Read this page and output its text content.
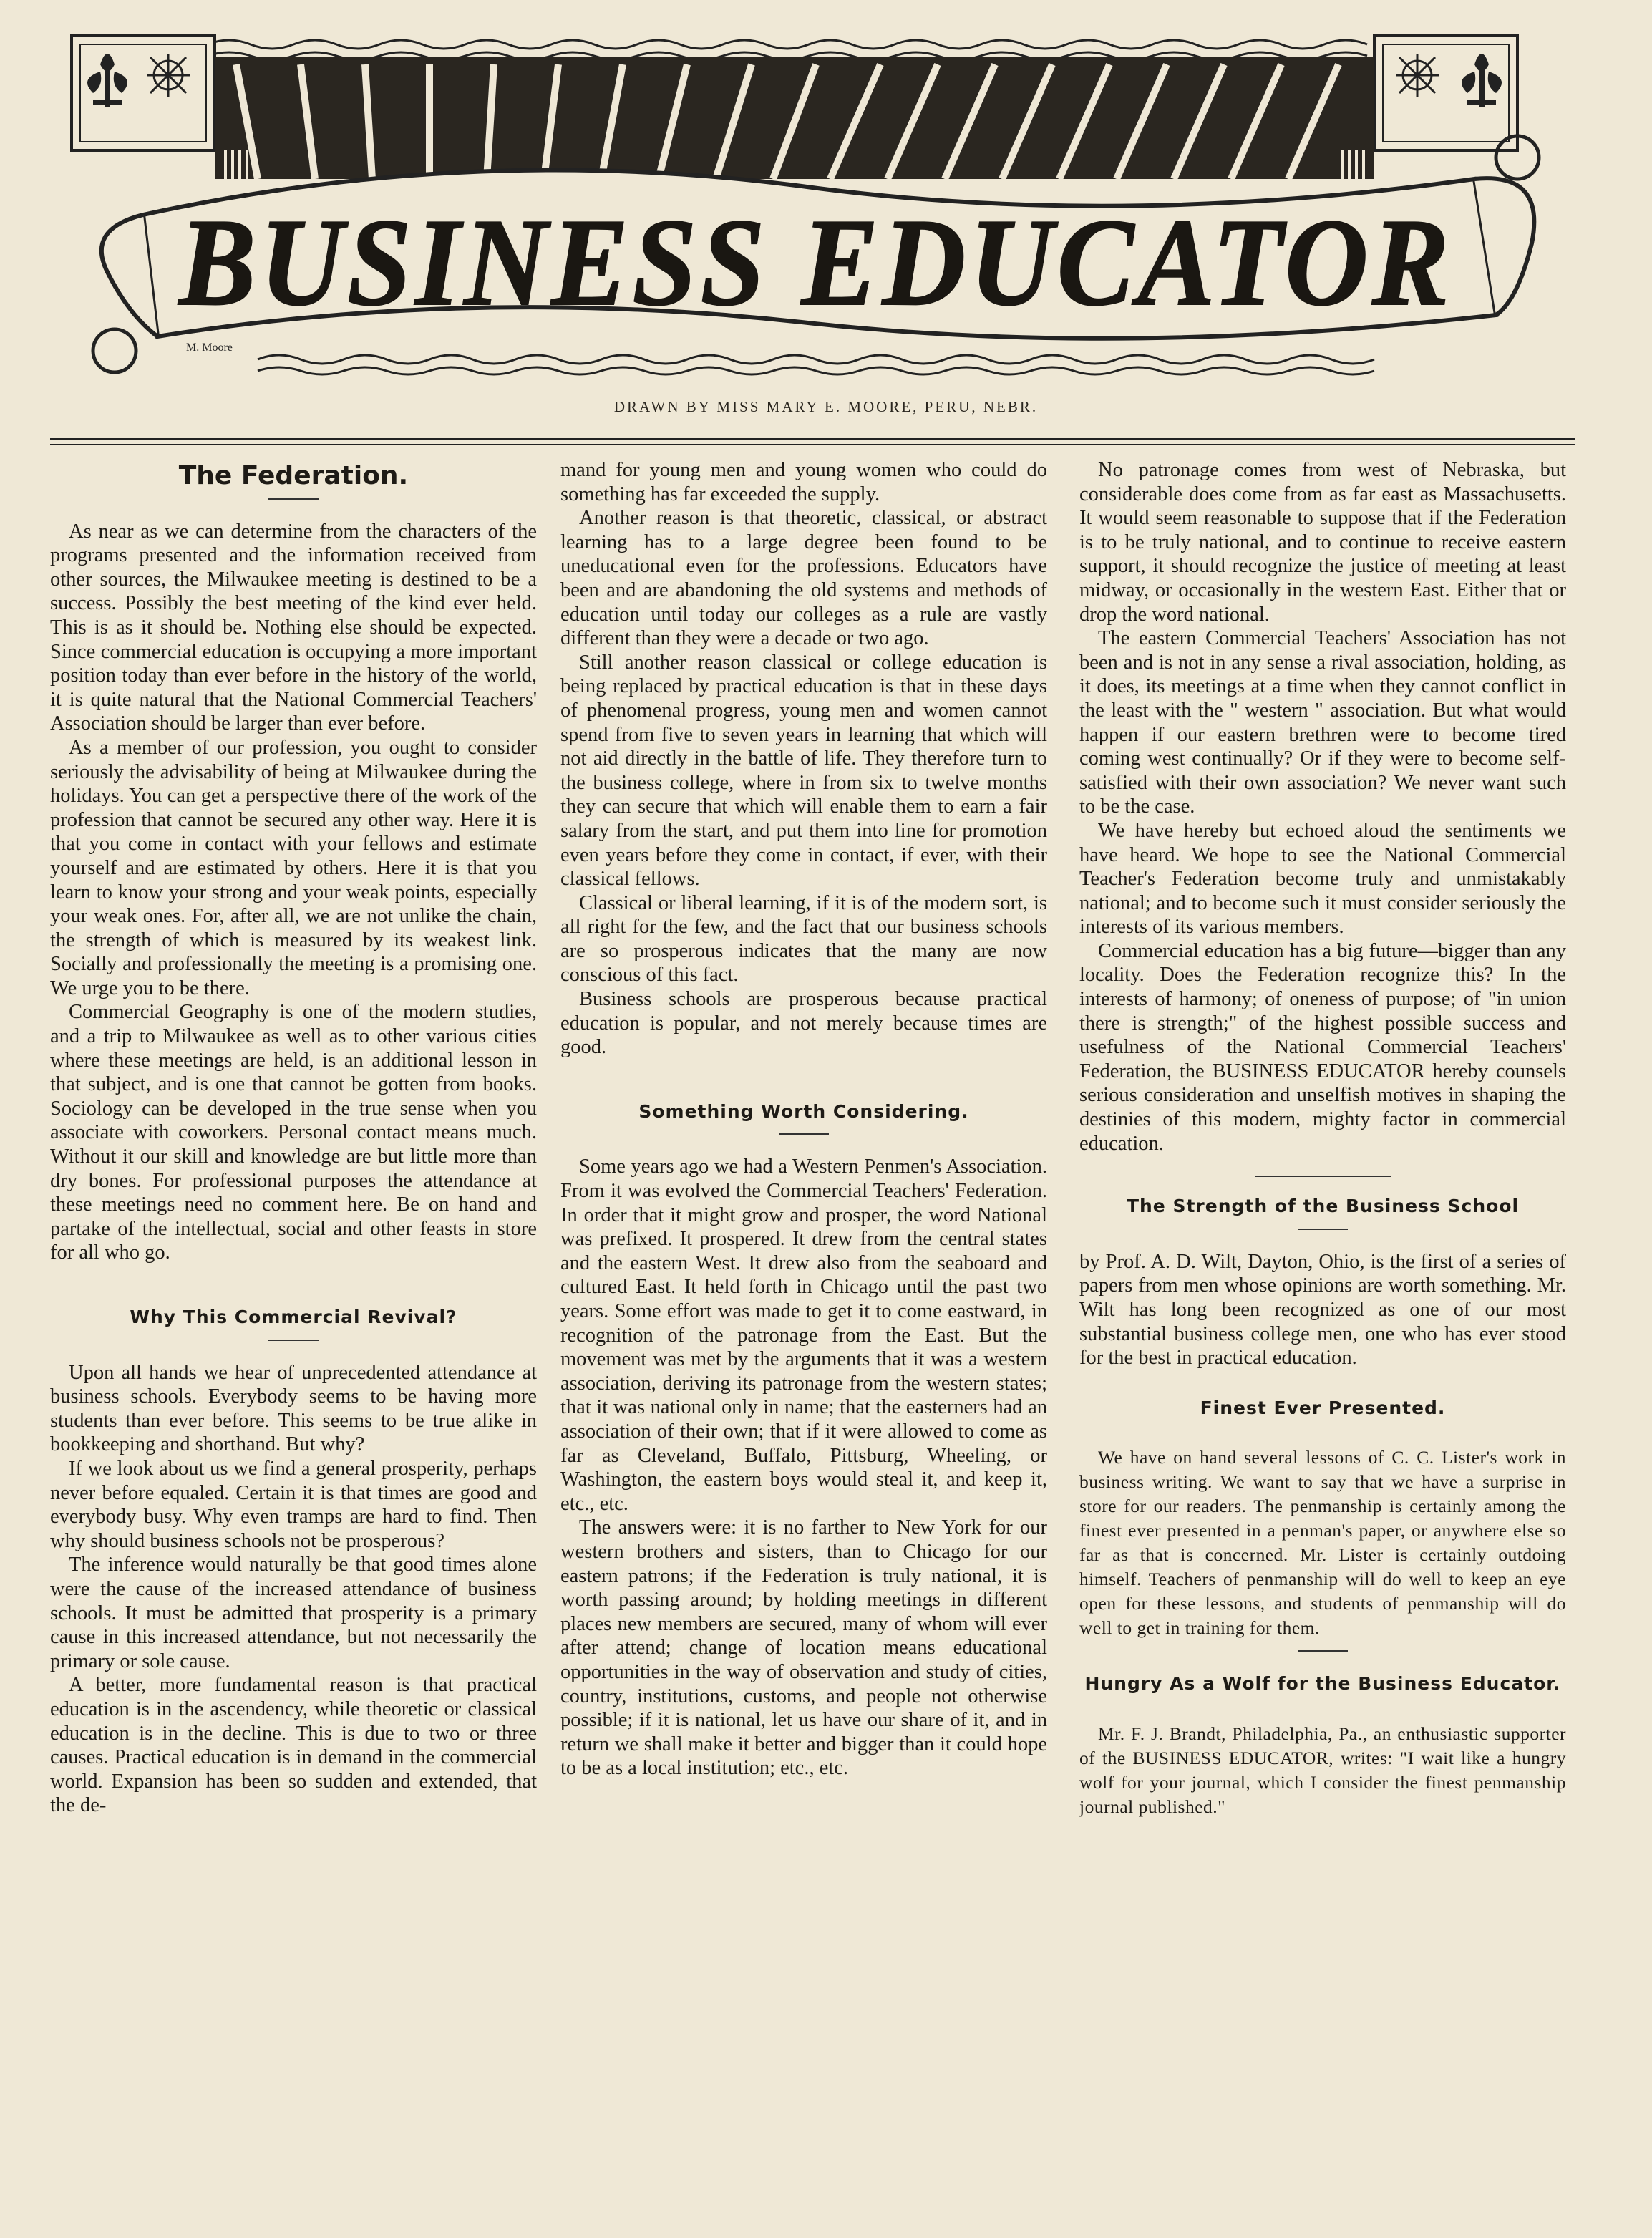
BUSINESS EDUCATOR
M. Moore
DRAWN BY MISS MARY E. MOORE, PERU, NEBR.
The Federation.

As near as we can determine from the characters of the programs presented and the information received from other sources, the Milwaukee meeting is destined to be a success. Possibly the best meeting of the kind ever held. This is as it should be. Nothing else should be expected. Since commercial education is occupying a more important position today than ever before in the history of the world, it is quite natural that the National Commercial Teachers' Association should be larger than ever before.

As a member of our profession, you ought to consider seriously the advisability of being at Milwaukee during the holidays. You can get a perspective there of the work of the profession that cannot be secured any other way. Here it is that you come in contact with your fellows and estimate yourself and are estimated by others. Here it is that you learn to know your strong and your weak points, especially your weak ones. For, after all, we are not unlike the chain, the strength of which is measured by its weakest link. Socially and professionally the meeting is a promising one. We urge you to be there.

Commercial Geography is one of the modern studies, and a trip to Milwaukee as well as to other various cities where these meetings are held, is an additional lesson in that subject, and is one that cannot be gotten from books. Sociology can be developed in the true sense when you associate with coworkers. Personal contact means much. Without it our skill and knowledge are but little more than dry bones. For professional purposes the attendance at these meetings need no comment here. Be on hand and partake of the intellectual, social and other feasts in store for all who go.

Why This Commercial Revival?

Upon all hands we hear of unprecedented attendance at business schools. Everybody seems to be having more students than ever before. This seems to be true alike in bookkeeping and shorthand. But why?

If we look about us we find a general prosperity, perhaps never before equaled. Certain it is that times are good and everybody busy. Why even tramps are hard to find. Then why should business schools not be prosperous?

The inference would naturally be that good times alone were the cause of the increased attendance of business schools. It must be admitted that prosperity is a primary cause in this increased attendance, but not necessarily the primary or sole cause.

A better, more fundamental reason is that practical education is in the ascendency, while theoretic or classical education is in the decline. This is due to two or three causes. Practical education is in demand in the commercial world. Expansion has been so sudden and extended, that the de-

mand for young men and young women who could do something has far exceeded the supply.

Another reason is that theoretic, classical, or abstract learning has to a large degree been found to be uneducational even for the professions. Educators have been and are abandoning the old systems and methods of education until today our colleges as a rule are vastly different than they were a decade or two ago.

Still another reason classical or college education is being replaced by practical education is that in these days of phenomenal progress, young men and women cannot spend from five to seven years in learning that which will not aid directly in the battle of life. They therefore turn to the business college, where in from six to twelve months they can secure that which will enable them to earn a fair salary from the start, and put them into line for promotion even years before they come in contact, if ever, with their classical fellows.

Classical or liberal learning, if it is of the modern sort, is all right for the few, and the fact that our business schools are so prosperous indicates that the many are now conscious of this fact.

Business schools are prosperous because practical education is popular, and not merely because times are good.

Something Worth Considering.

Some years ago we had a Western Penmen's Association. From it was evolved the Commercial Teachers' Federation. In order that it might grow and prosper, the word National was prefixed. It prospered. It drew from the central states and the eastern West. It drew also from the seaboard and cultured East. It held forth in Chicago until the past two years. Some effort was made to get it to come eastward, in recognition of the patronage from the East. But the movement was met by the arguments that it was a western association, deriving its patronage from the western states; that it was national only in name; that the easterners had an association of their own; that if it were allowed to come as far as Cleveland, Buffalo, Pittsburg, Wheeling, or Washington, the eastern boys would steal it, and keep it, etc., etc.

The answers were: it is no farther to New York for our western brothers and sisters, than to Chicago for our eastern patrons; if the Federation is truly national, it is worth passing around; by holding meetings in different places new members are secured, many of whom will ever after attend; change of location means educational opportunities in the way of observation and study of cities, country, institutions, customs, and people not otherwise possible; if it is national, let us have our share of it, and in return we shall make it better and bigger than it could hope to be as a local institution; etc., etc.

No patronage comes from west of Nebraska, but considerable does come from as far east as Massachusetts. It would seem reasonable to suppose that if the Federation is to be truly national, and to continue to receive eastern support, it should recognize the justice of meeting at least midway, or occasionally in the western East. Either that or drop the word national.

The eastern Commercial Teachers' Association has not been and is not in any sense a rival association, holding, as it does, its meetings at a time when they cannot conflict in the least with the " western " association. But what would happen if our eastern brethren were to become tired coming west continually? Or if they were to become self-satisfied with their own association? We never want such to be the case.

We have hereby but echoed aloud the sentiments we have heard. We hope to see the National Commercial Teacher's Federation become truly and unmistakably national; and to become such it must consider seriously the interests of its various members.

Commercial education has a big future—bigger than any locality. Does the Federation recognize this? In the interests of harmony; of oneness of purpose; of "in union there is strength;" of the highest possible success and usefulness of the National Commercial Teachers' Federation, the BUSINESS EDUCATOR hereby counsels serious consideration and unselfish motives in shaping the destinies of this modern, mighty factor in commercial education.

The Strength of the Business School

by Prof. A. D. Wilt, Dayton, Ohio, is the first of a series of papers from men whose opinions are worth something. Mr. Wilt has long been recognized as one of our most substantial business college men, one who has ever stood for the best in practical education.

Finest Ever Presented.

We have on hand several lessons of C. C. Lister's work in business writing. We want to say that we have a surprise in store for our readers. The penmanship is certainly among the finest ever presented in a penman's paper, or anywhere else so far as that is concerned. Mr. Lister is certainly outdoing himself. Teachers of penmanship will do well to keep an eye open for these lessons, and students of penmanship will do well to get in training for them.

Hungry As a Wolf for the Business Educator.

Mr. F. J. Brandt, Philadelphia, Pa., an enthusiastic supporter of the BUSINESS EDUCATOR, writes: "I wait like a hungry wolf for your journal, which I consider the finest penmanship journal published."
